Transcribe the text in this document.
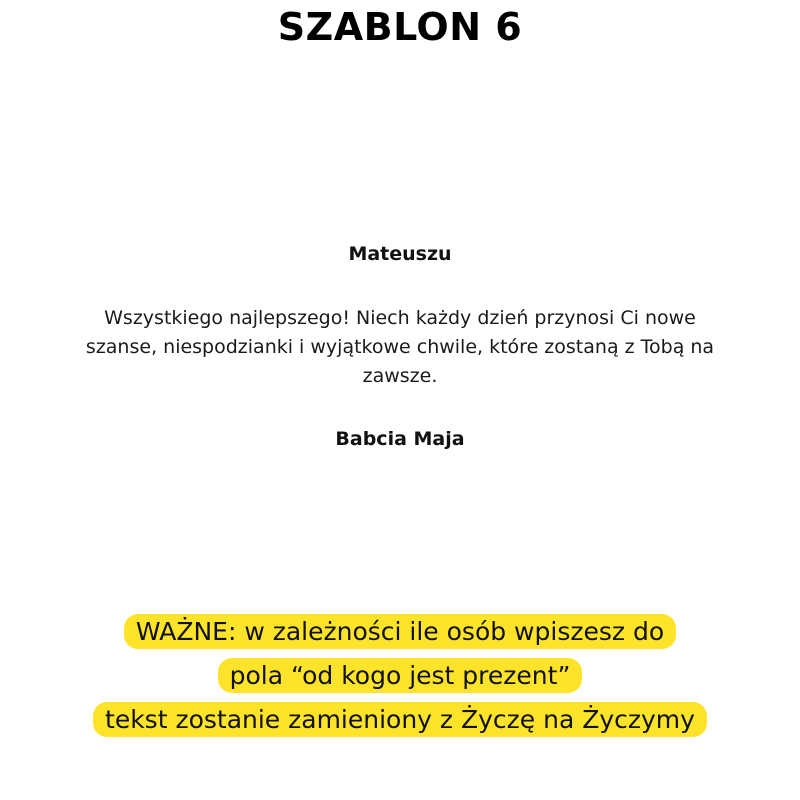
SZABLON 6
Mateuszu
Wszystkiego najlepszego! Niech każdy dzień przynosi Ci nowe szanse, niespodzianki i wyjątkowe chwile, które zostaną z Tobą na zawsze.
Babcia Maja
WAŻNE: w zależności ile osób wpiszesz do
pola “od kogo jest prezent”
tekst zostanie zamieniony z Życzę na Życzymy
